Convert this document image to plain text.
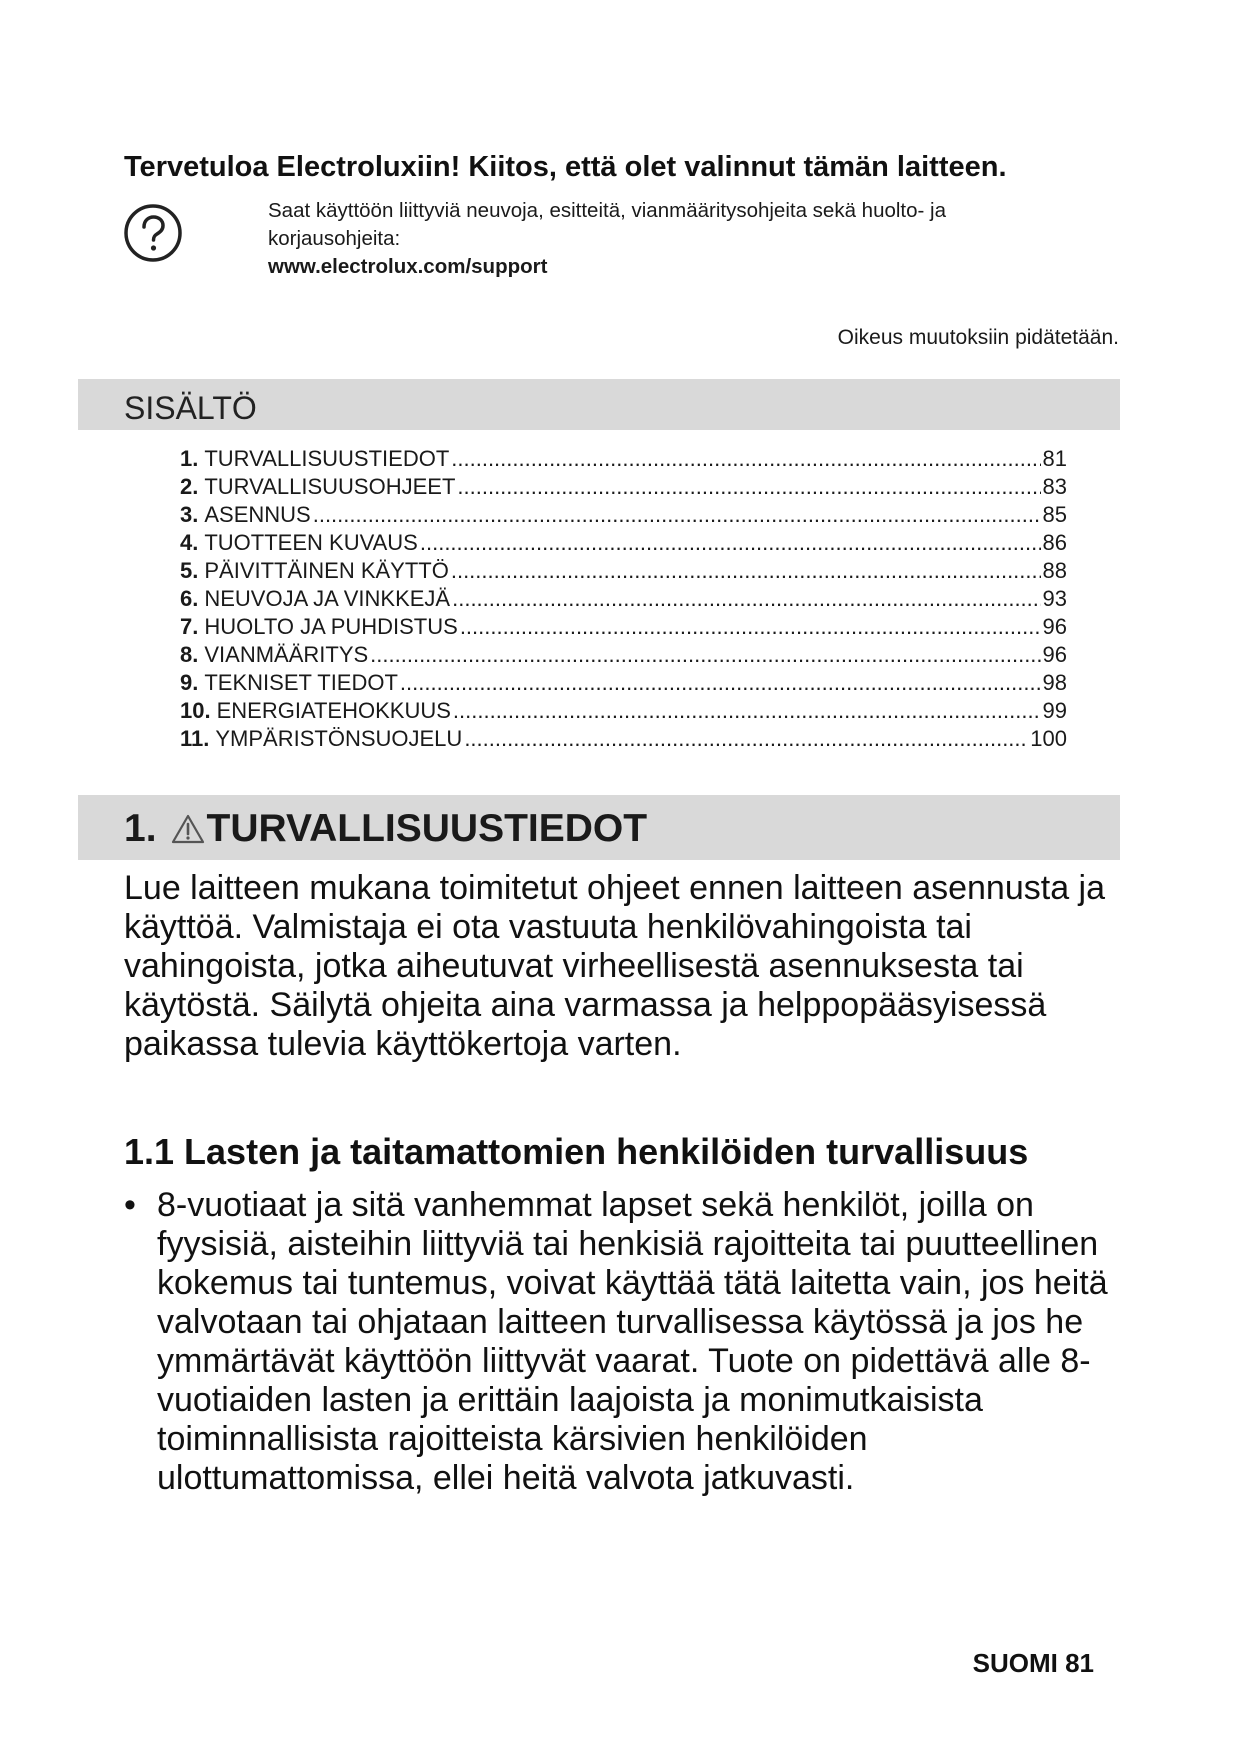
Tervetuloa Electroluxiin! Kiitos, että olet valinnut tämän laitteen.
Saat käyttöön liittyviä neuvoja, esitteitä, vianmääritysohjeita sekä huolto- ja korjausohjeita:
www.electrolux.com/support
Oikeus muutoksiin pidätetään.
SISÄLTÖ
1. TURVALLISUUSTIEDOT .....	81
2. TURVALLISUUSOHJEET .....	83
3. ASENNUS .....	85
4. TUOTTEEN KUVAUS .....	86
5. PÄIVITTÄINEN KÄYTTÖ .....	88
6. NEUVOJA JA VINKKEJÄ .....	93
7. HUOLTO JA PUHDISTUS .....	96
8. VIANMÄÄRITYS .....	96
9. TEKNISET TIEDOT .....	98
10. ENERGIATEHOKKUUS .....	99
11. YMPÄRISTÖNSUOJELU .....	100
1. TURVALLISUUSTIEDOT
Lue laitteen mukana toimitetut ohjeet ennen laitteen asennusta ja käyttöä. Valmistaja ei ota vastuuta henkilövahingoista tai vahingoista, jotka aiheutuvat virheellisestä asennuksesta tai käytöstä. Säilytä ohjeita aina varmassa ja helppopääsyisessä paikassa tulevia käyttökertoja varten.
1.1 Lasten ja taitamattomien henkilöiden turvallisuus
• 8-vuotiaat ja sitä vanhemmat lapset sekä henkilöt, joilla on fyysisiä, aisteihin liittyviä tai henkisiä rajoitteita tai puutteellinen kokemus tai tuntemus, voivat käyttää tätä laitetta vain, jos heitä valvotaan tai ohjataan laitteen turvallisessa käytössä ja jos he ymmärtävät käyttöön liittyvät vaarat. Tuote on pidettävä alle 8-vuotiaiden lasten ja erittäin laajoista ja monimutkaisista toiminnallisista rajoitteista kärsivien henkilöiden ulottumattomissa, ellei heitä valvota jatkuvasti.
SUOMI 81
